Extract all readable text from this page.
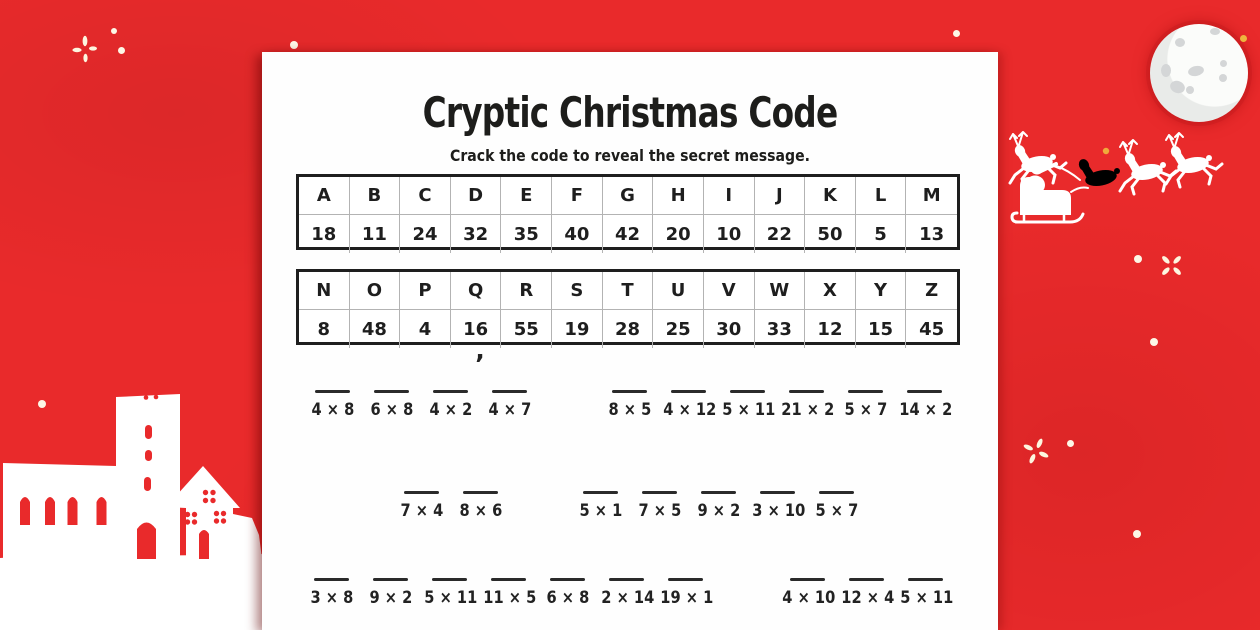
Cryptic Christmas Code
Crack the code to reveal the secret message.
A	B	C	D	E	F	G	H	I	J	K	L	M
18	11	24	32	35	40	42	20	10	22	50	5	13
N	O	P	Q	R	S	T	U	V	W	X	Y	Z
8	48	4	16	55	19	28	25	30	33	12	15	45
’
4 × 8 6 × 8 4 × 2 4 × 7	8 × 5 4 × 12 5 × 11 21 × 2 5 × 7 14 × 2
7 × 4 8 × 6	5 × 1 7 × 5 9 × 2 3 × 10 5 × 7
3 × 8 9 × 2 5 × 11 11 × 5 6 × 8 2 × 14 19 × 1	4 × 10 12 × 4 5 × 11
